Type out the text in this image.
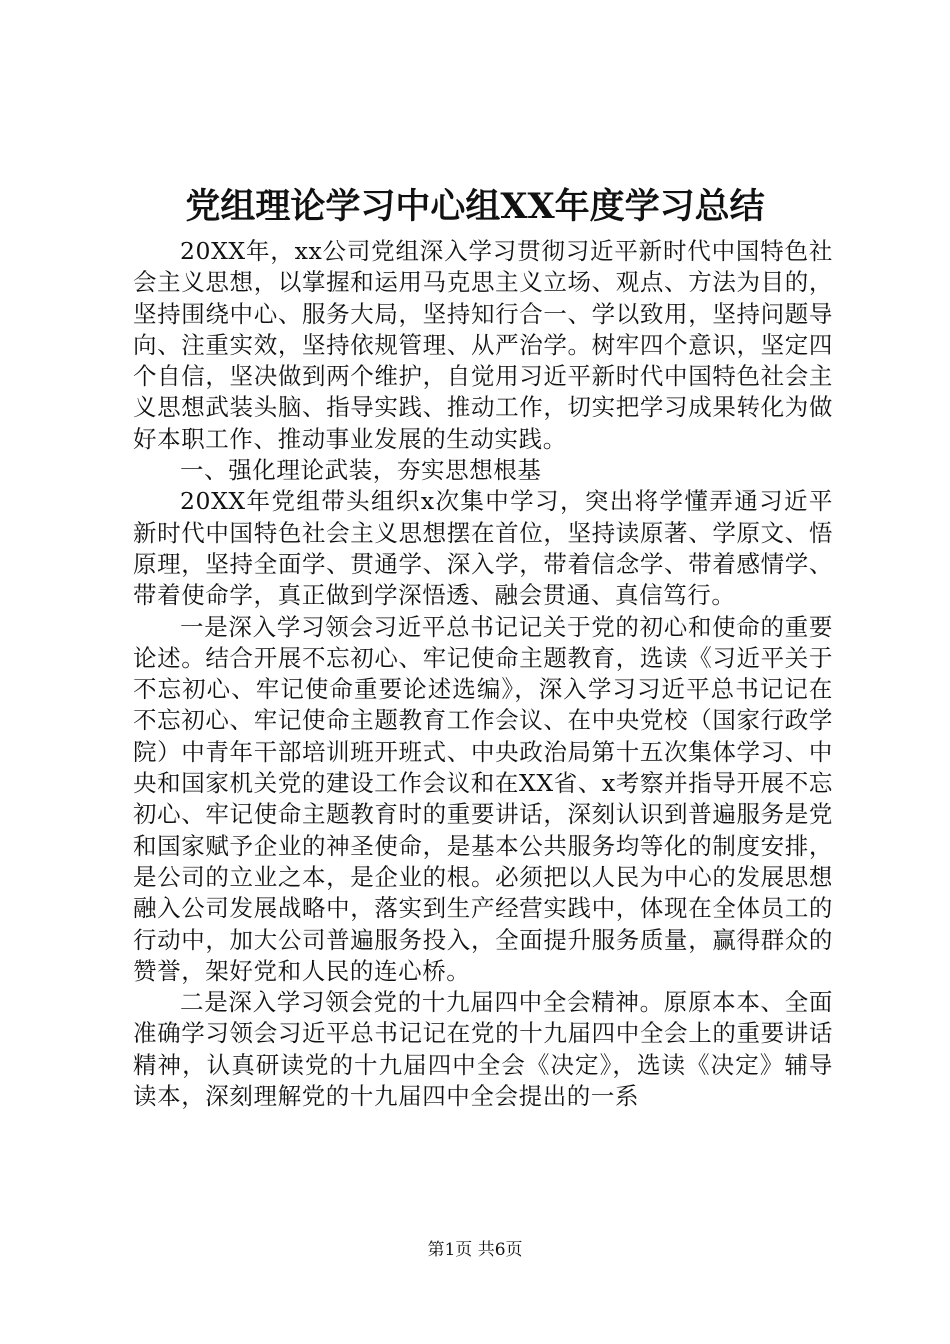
党组理论学习中心组XX年度学习总结

20XX年，xx公司党组深入学习贯彻习近平新时代中国特色社会主义思想，以掌握和运用马克思主义立场、观点、方法为目的，坚持围绕中心、服务大局，坚持知行合一、学以致用，坚持问题导向、注重实效，坚持依规管理、从严治学。树牢四个意识，坚定四个自信，坚决做到两个维护，自觉用习近平新时代中国特色社会主义思想武装头脑、指导实践、推动工作，切实把学习成果转化为做好本职工作、推动事业发展的生动实践。

一、强化理论武装，夯实思想根基

20XX年党组带头组织x次集中学习，突出将学懂弄通习近平新时代中国特色社会主义思想摆在首位，坚持读原著、学原文、悟原理，坚持全面学、贯通学、深入学，带着信念学、带着感情学、带着使命学，真正做到学深悟透、融会贯通、真信笃行。

一是深入学习领会习近平总书记记关于党的初心和使命的重要论述。结合开展不忘初心、牢记使命主题教育，选读《习近平关于不忘初心、牢记使命重要论述选编》，深入学习习近平总书记记在不忘初心、牢记使命主题教育工作会议、在中央党校（国家行政学院）中青年干部培训班开班式、中央政治局第十五次集体学习、中央和国家机关党的建设工作会议和在XX省、x考察并指导开展不忘初心、牢记使命主题教育时的重要讲话，深刻认识到普遍服务是党和国家赋予企业的神圣使命，是基本公共服务均等化的制度安排，是公司的立业之本，是企业的根。必须把以人民为中心的发展思想融入公司发展战略中，落实到生产经营实践中，体现在全体员工的行动中，加大公司普遍服务投入，全面提升服务质量，赢得群众的赞誉，架好党和人民的连心桥。

二是深入学习领会党的十九届四中全会精神。原原本本、全面准确学习领会习近平总书记记在党的十九届四中全会上的重要讲话精神，认真研读党的十九届四中全会《决定》，选读《决定》辅导读本，深刻理解党的十九届四中全会提出的一系

第1页 共6页
